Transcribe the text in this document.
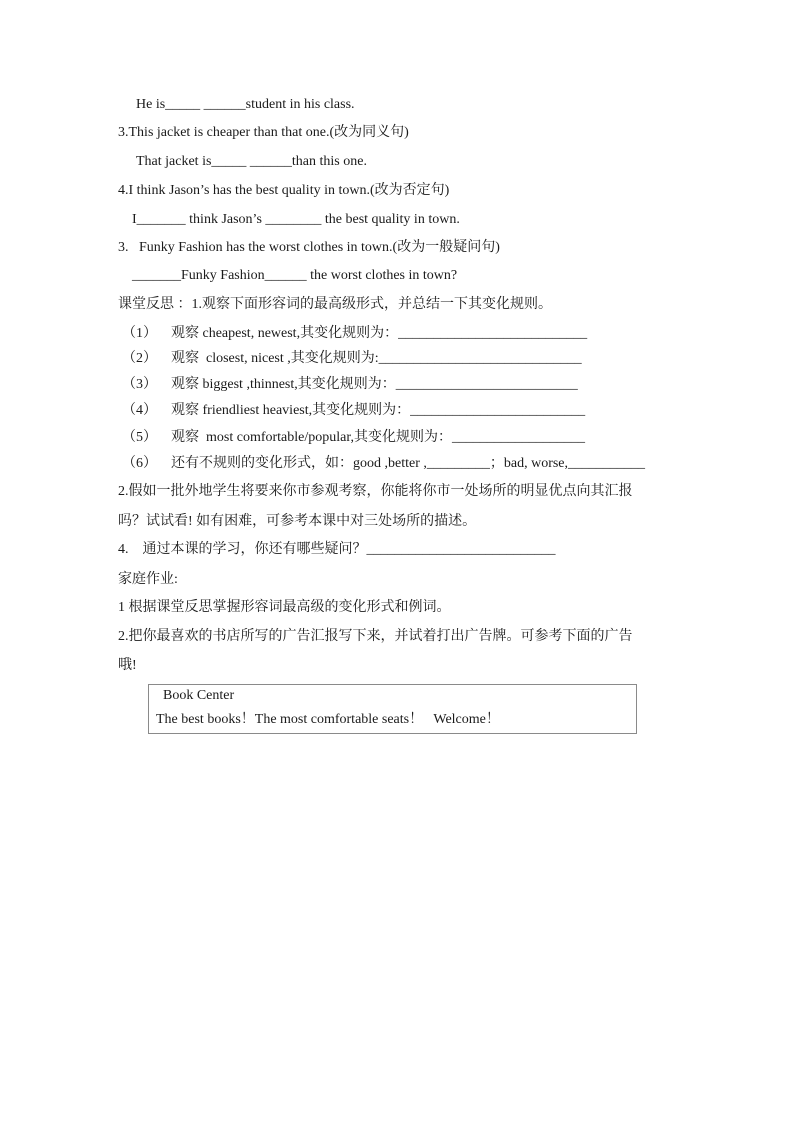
He is_____ ______student in his class.
3.This jacket is cheaper than that one.(改为同义句)
That jacket is_____ ______than this one.
4.I think Jason’s has the best quality in town.(改为否定句)
I_______ think Jason’s ________ the best quality in town.
3.   Funky Fashion has the worst clothes in town.(改为一般疑问句)
_______Funky Fashion______ the worst clothes in town?
课堂反思 ：1.观察下面形容词的最高级形式，并总结一下其变化规则。
（1）    观察 cheapest, newest,其变化规则为：___________________________
（2）    观察  closest, nicest ,其变化规则为:_____________________________
（3）    观察 biggest ,thinnest,其变化规则为：__________________________
（4）    观察 friendliest heaviest,其变化规则为：_________________________
（5）    观察  most comfortable/popular,其变化规则为：___________________
（6）    还有不规则的变化形式，如：good ,better ,_________；bad, worse,___________
2.假如一批外地学生将要来你市参观考察，你能将你市一处场所的明显优点向其汇报
吗？试试看! 如有困难，可参考本课中对三处场所的描述。
4.    通过本课的学习，你还有哪些疑问？___________________________
家庭作业:
1 根据课堂反思掌握形容词最高级的变化形式和例词。
2.把你最喜欢的书店所写的广告汇报写下来，并试着打出广告牌。可参考下面的广告
哦!
Book Center
The best books！The most comfortable seats！   Welcome！
